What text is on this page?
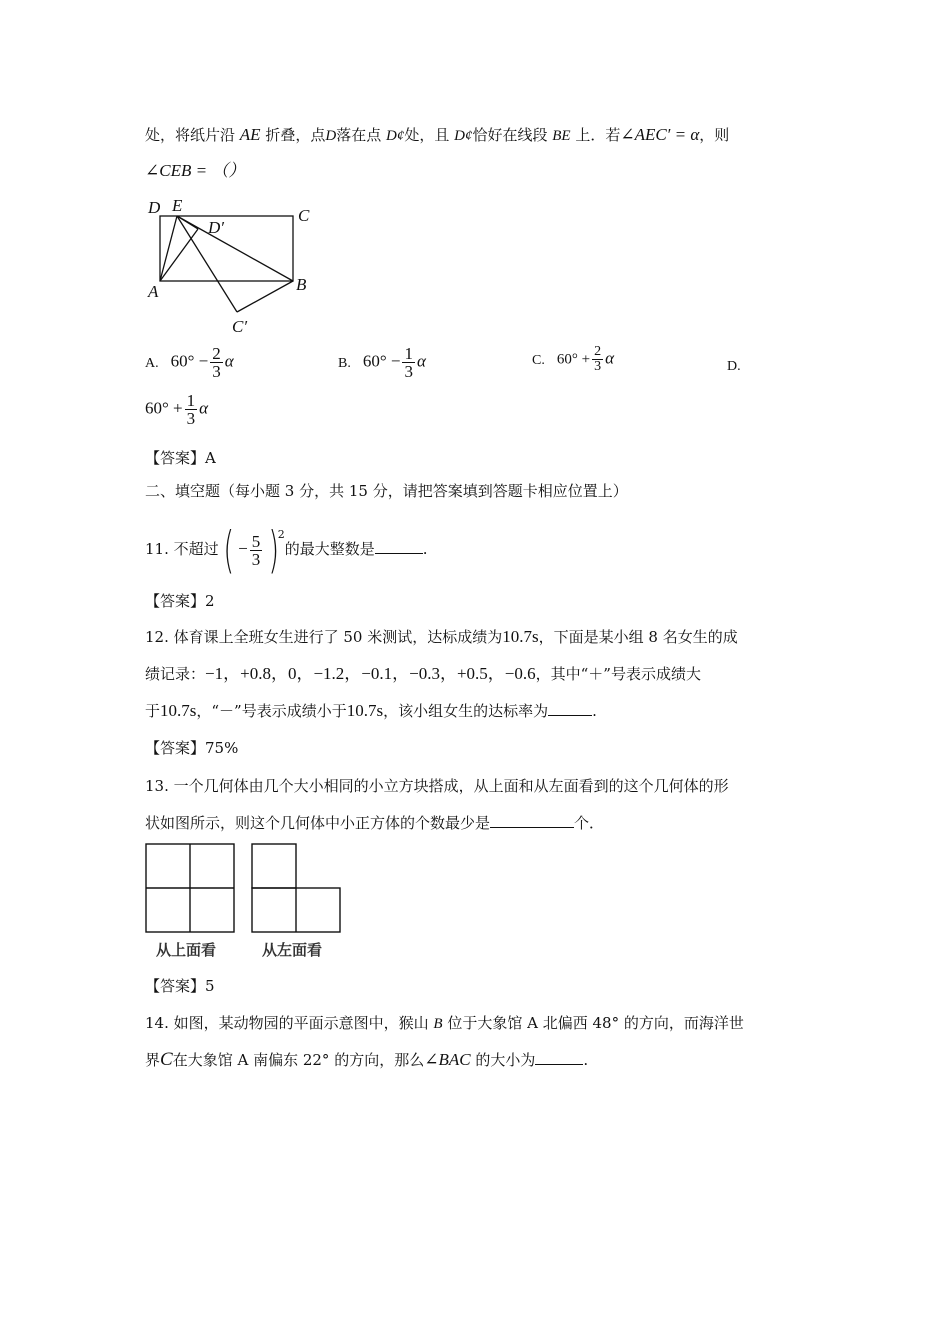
处，将纸片沿 AE 折叠，点D落在点 D¢处，且 D¢恰好在线段 BE 上．若∠AEC′ = α，则
∠CEB = （）
D E
D′
C
A	B
C′
A. $60^\circ - \frac{2}{3}$ α	B. $60^\circ - \frac{1}{3}$ α	C. $60^\circ + \frac{2}{3}$ α	D.
$60^\circ + \frac{1}{3}$ α
【答案】A
二、填空题（每小题 3 分，共 15 分，请把答案填到答题卡相应位置上）
11. 不超过( − $\frac{5}{3} )^2$的最大整数是	.
【答案】2
12. 体育课上全班女生进行了 50 米测试，达标成绩为10.7s，下面是某小组 8 名女生的成
绩记录：−1，+0.8，0，−1.2，−0.1，−0.3，+0.5，−0.6，其中“＋”号表示成绩大
于10.7s，“－”号表示成绩小于10.7s，该小组女生的达标率为	.
【答案】75%
13. 一个几何体由几个大小相同的小立方块搭成，从上面和从左面看到的这个几何体的形
状如图所示，则这个几何体中小正方体的个数最少是	个．
从上面看	从左面看
【答案】5
14. 如图，某动物园的平面示意图中，猴山 B 位于大象馆 A 北偏西 48° 的方向，而海洋世
界C在大象馆 A 南偏东 22° 的方向，那么∠BAC 的大小为	.
